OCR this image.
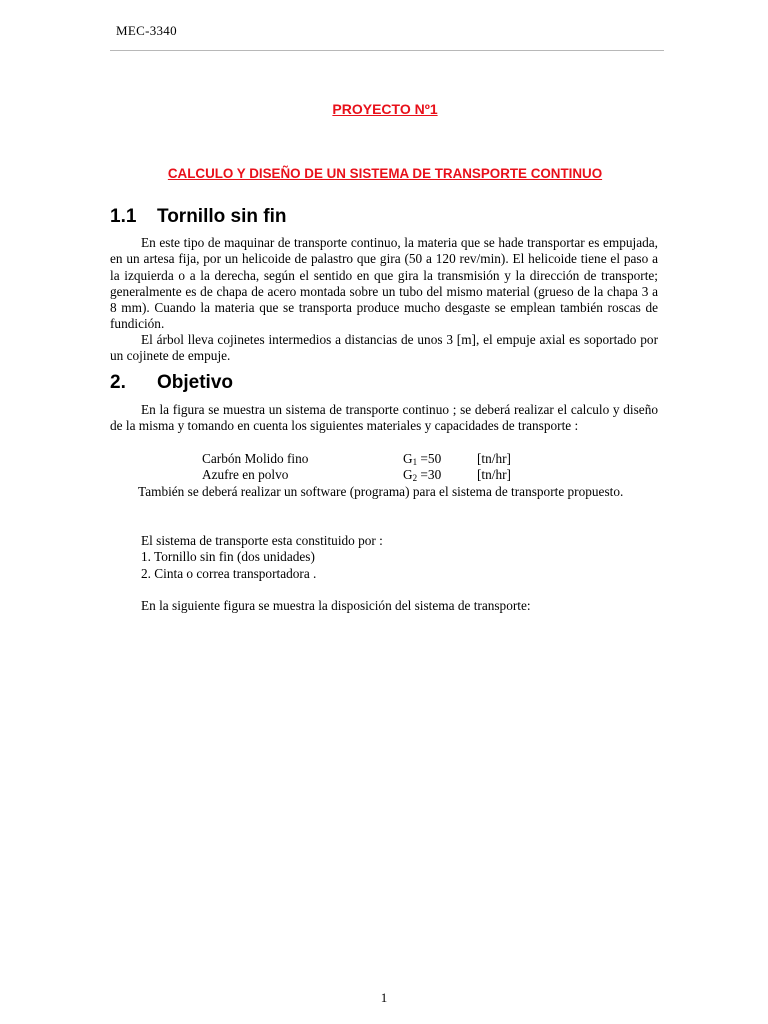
MEC-3340
PROYECTO Nº1
CALCULO Y DISEÑO DE UN SISTEMA DE TRANSPORTE CONTINUO
1.1 Tornillo sin fin

En este tipo de maquinar de transporte continuo, la materia que se hade transportar es empujada, en un artesa fija, por un helicoide de palastro que gira (50 a 120 rev/min). El helicoide tiene el paso a la izquierda o a la derecha, según el sentido en que gira la transmisión y la dirección de transporte; generalmente es de chapa de acero montada sobre un tubo del mismo material (grueso de la chapa 3 a 8 mm). Cuando la materia que se transporta produce mucho desgaste se emplean también roscas de fundición.

El árbol lleva cojinetes intermedios a distancias de unos 3 [m], el empuje axial es soportado por un cojinete de empuje.

2. Objetivo

En la figura se muestra un sistema de transporte continuo ; se deberá realizar el calculo y diseño de la misma y tomando en cuenta los siguientes materiales y capacidades de transporte :

Carbón Molido fino	$G_1 =50$	[tn/hr]
Azufre en polvo	$G_2 =30$	[tn/hr]

También se deberá realizar un software (programa) para el sistema de transporte propuesto.

El sistema de transporte esta constituido por :
1. Tornillo sin fin (dos unidades)
2. Cinta o correa transportadora .
En la siguiente figura se muestra la disposición del sistema de transporte:
1
